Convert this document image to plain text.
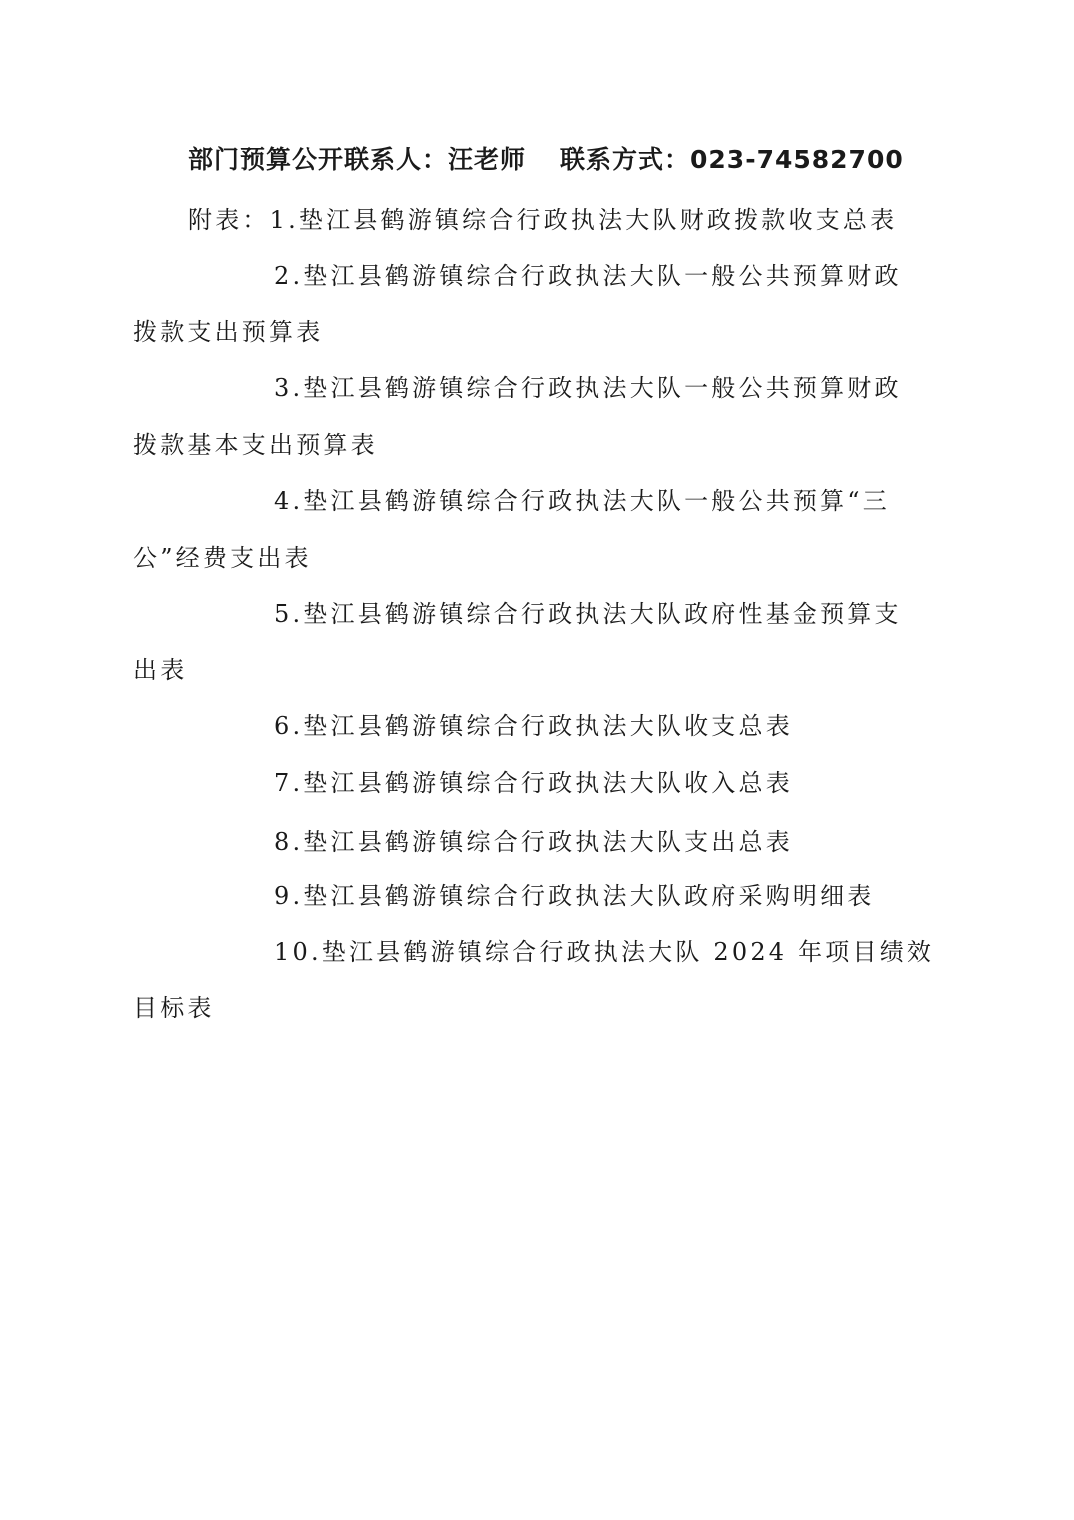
部门预算公开联系人：汪老师 联系方式：023-74582700
附表：1.垫江县鹤游镇综合行政执法大队财政拨款收支总表
2.垫江县鹤游镇综合行政执法大队一般公共预算财政
拨款支出预算表
3.垫江县鹤游镇综合行政执法大队一般公共预算财政
拨款基本支出预算表
4.垫江县鹤游镇综合行政执法大队一般公共预算“三
公”经费支出表
5.垫江县鹤游镇综合行政执法大队政府性基金预算支
出表
6.垫江县鹤游镇综合行政执法大队收支总表
7.垫江县鹤游镇综合行政执法大队收入总表
8.垫江县鹤游镇综合行政执法大队支出总表
9.垫江县鹤游镇综合行政执法大队政府采购明细表
10.垫江县鹤游镇综合行政执法大队 2024 年项目绩效
目标表
